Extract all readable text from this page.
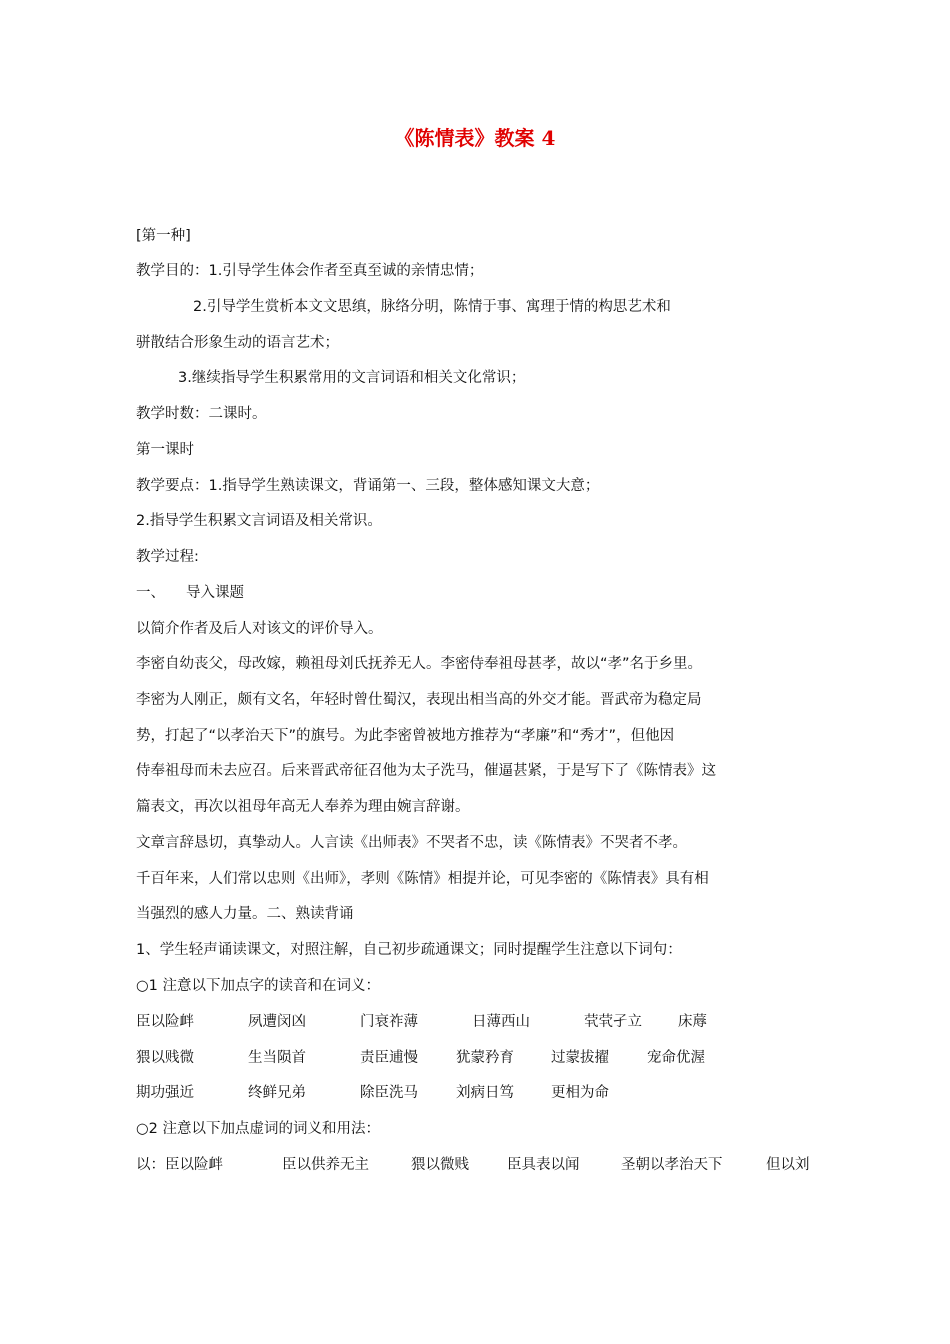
《陈情表》教案 4
[第一种]
教学目的：1.引导学生体会作者至真至诚的亲情忠情；
2.引导学生赏析本文文思缜，脉络分明，陈情于事、寓理于情的构思艺术和
骈散结合形象生动的语言艺术；
3.继续指导学生积累常用的文言词语和相关文化常识；
教学时数：二课时。
第一课时
教学要点：1.指导学生熟读课文，背诵第一、三段，整体感知课文大意；
2.指导学生积累文言词语及相关常识。
教学过程:
一、 导入课题
以简介作者及后人对该文的评价导入。
李密自幼丧父，母改嫁，赖祖母刘氏抚养无人。李密侍奉祖母甚孝，故以“孝”名于乡里。
李密为人刚正，颇有文名，年轻时曾仕蜀汉，表现出相当高的外交才能。晋武帝为稳定局
势，打起了“以孝治天下”的旗号。为此李密曾被地方推荐为“孝廉”和“秀才”，但他因
侍奉祖母而未去应召。后来晋武帝征召他为太子洗马，催逼甚紧，于是写下了《陈情表》这
篇表文，再次以祖母年高无人奉养为理由婉言辞谢。
文章言辞恳切，真挚动人。人言读《出师表》不哭者不忠，读《陈情表》不哭者不孝。
千百年来，人们常以忠则《出师》，孝则《陈情》相提并论，可见李密的《陈情表》具有相
当强烈的感人力量。二、熟读背诵
1、学生轻声诵读课文，对照注解，自己初步疏通课文；同时提醒学生注意以下词句：
○1 注意以下加点字的读音和在词义：
臣以险衅	夙遭闵凶	门衰祚薄	日薄西山	茕茕孑立 床蓐
猥以贱微	生当陨首	责臣逋慢	犹蒙矜育	过蒙拔擢	宠命优渥
期功强近	终鲜兄弟	除臣洗马	刘病日笃	更相为命
○2 注意以下加点虚词的词义和用法：
以：臣以险衅	臣以供养无主	猥以微贱	臣具表以闻	圣朝以孝治天下	但以刘
